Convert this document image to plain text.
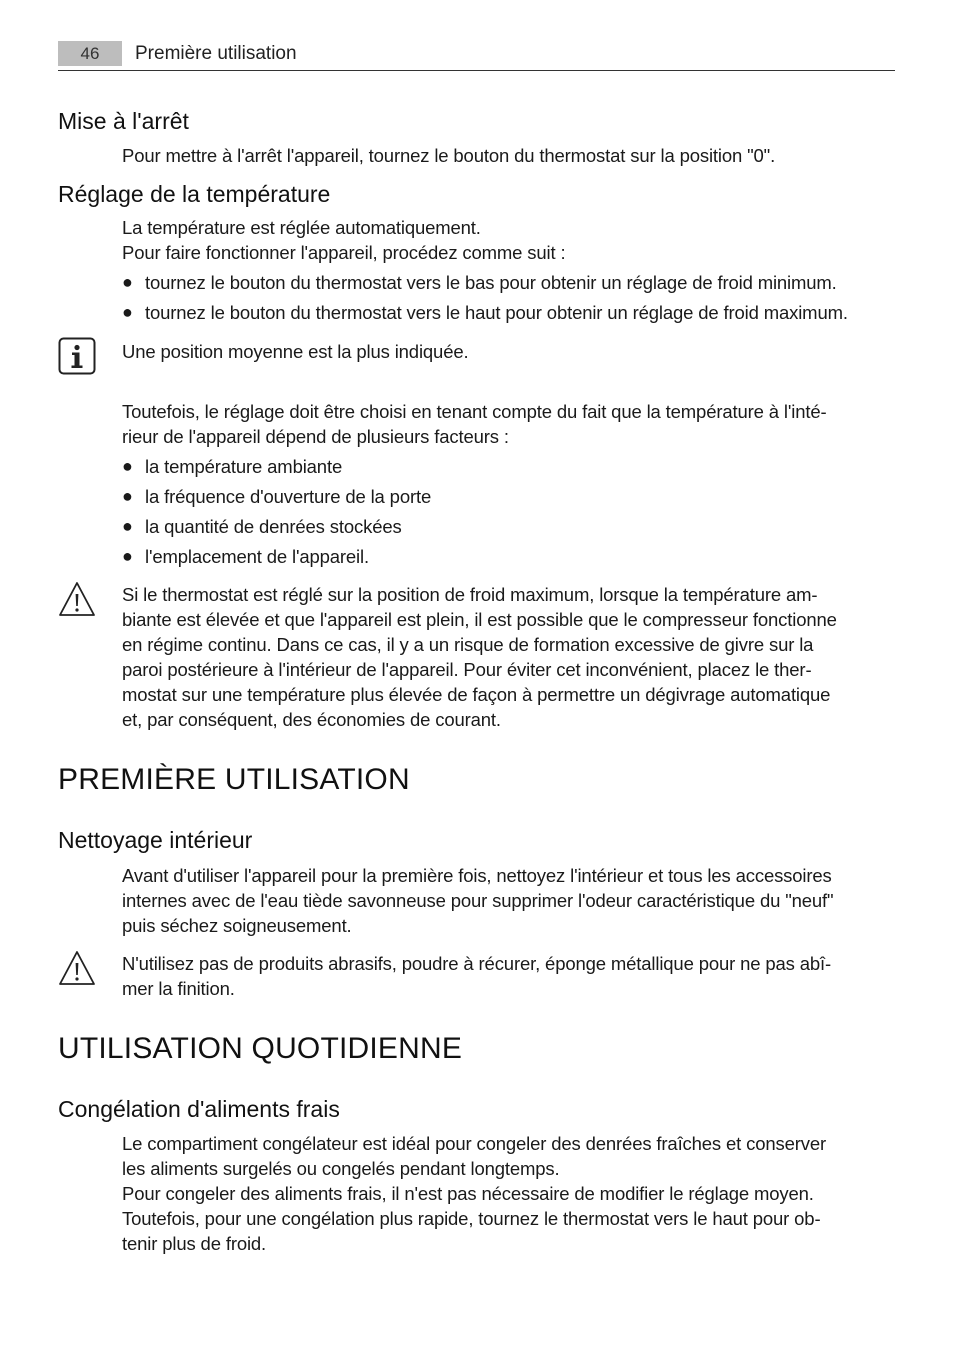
46	Première utilisation
Mise à l'arrêt
Pour mettre à l'arrêt l'appareil, tournez le bouton du thermostat sur la position "0".
Réglage de la température
La température est réglée automatiquement.
Pour faire fonctionner l'appareil, procédez comme suit :
● tournez le bouton du thermostat vers le bas pour obtenir un réglage de froid minimum.
● tournez le bouton du thermostat vers le haut pour obtenir un réglage de froid maximum.
Une position moyenne est la plus indiquée.
Toutefois, le réglage doit être choisi en tenant compte du fait que la température à l'inté-
rieur de l'appareil dépend de plusieurs facteurs :
● la température ambiante
● la fréquence d'ouverture de la porte
● la quantité de denrées stockées
● l'emplacement de l'appareil.
Si le thermostat est réglé sur la position de froid maximum, lorsque la température am-
biante est élevée et que l'appareil est plein, il est possible que le compresseur fonctionne
en régime continu. Dans ce cas, il y a un risque de formation excessive de givre sur la
paroi postérieure à l'intérieur de l'appareil. Pour éviter cet inconvénient, placez le ther-
mostat sur une température plus élevée de façon à permettre un dégivrage automatique
et, par conséquent, des économies de courant.
PREMIÈRE UTILISATION
Nettoyage intérieur
Avant d'utiliser l'appareil pour la première fois, nettoyez l'intérieur et tous les accessoires
internes avec de l'eau tiède savonneuse pour supprimer l'odeur caractéristique du "neuf"
puis séchez soigneusement.
N'utilisez pas de produits abrasifs, poudre à récurer, éponge métallique pour ne pas abî-
mer la finition.
UTILISATION QUOTIDIENNE
Congélation d'aliments frais
Le compartiment congélateur est idéal pour congeler des denrées fraîches et conserver
les aliments surgelés ou congelés pendant longtemps.
Pour congeler des aliments frais, il n'est pas nécessaire de modifier le réglage moyen.
Toutefois, pour une congélation plus rapide, tournez le thermostat vers le haut pour ob-
tenir plus de froid.
